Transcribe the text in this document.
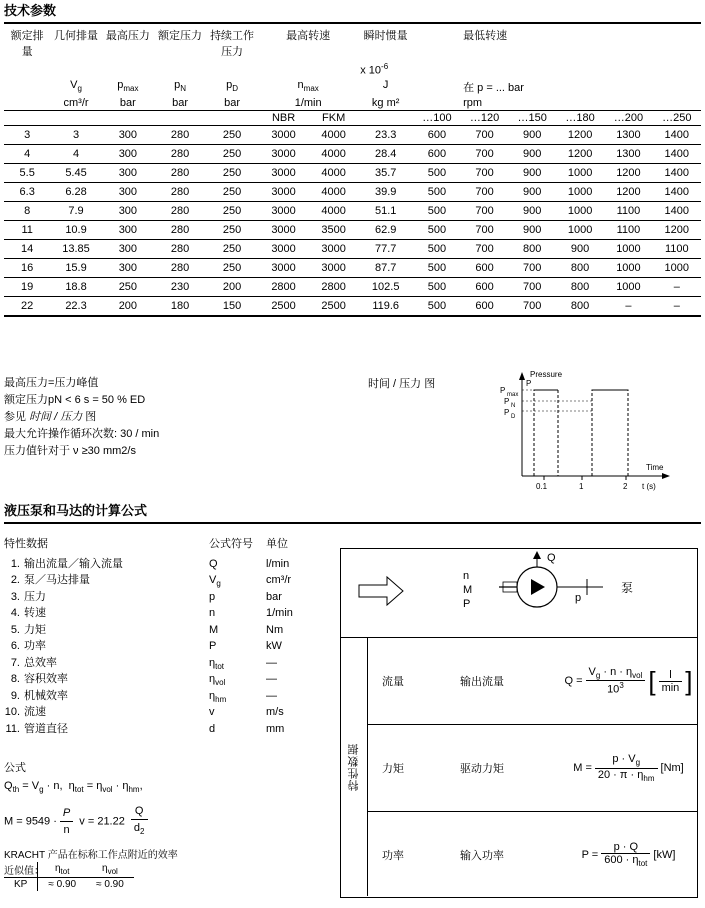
技术参数
额定排量	几何排量	最高压力	额定压力	持续工作压力	最高转速		瞬时惯量	最低转速					
							x $10^{-6}$	
	$V_g$	$p_{max}$	$p_N$	$p_D$	$n_{max}$		J	在 p = ... bar					
	cm³/r	bar	bar	bar	1/min		kg m²	rpm					
					NBR	FKM		…100	…120	…150	…180	…200	…250
3	3	300	280	250	3000	4000	23.3	600	700	900	1200	1300	1400
4	4	300	280	250	3000	4000	28.4	600	700	900	1200	1300	1400
5.5	5.45	300	280	250	3000	4000	35.7	500	700	900	1000	1200	1400
6.3	6.28	300	280	250	3000	4000	39.9	500	700	900	1000	1200	1400
8	7.9	300	280	250	3000	4000	51.1	500	700	900	1000	1100	1400
11	10.9	300	280	250	3000	3500	62.9	500	700	900	1000	1100	1200
14	13.85	300	280	250	3000	3000	77.7	500	700	800	900	1000	1100
16	15.9	300	280	250	3000	3000	87.7	500	600	700	800	1000	1000
19	18.8	250	230	200	2800	2800	102.5	500	600	700	800	1000	–
22	22.3	200	180	150	2500	2500	119.6	500	600	700	800	–	–
最高压力=压力峰值
额定压力pN < 6 s = 50 % ED
参见 时间 / 压力 图
最大允许操作循环次数: 30 / min
压力值针对于 ν ≥30 mm2/s
时间 / 压力 图
Pressure
P
P max
P N
P D
0.1	1	2 t (s)
Time
液压泵和马达的计算公式
特性数据	公式符号 单位
1. 输出流量／输入流量	Q	l/min
2. 泵／马达排量	$V_g$	cm³/r
3. 压力	p	bar
4. 转速	n	1/min
5. 力矩	M	Nm
6. 功率	P	kW
7. 总效率	$\eta_{tot}$	—
8. 容积效率	$\eta_{vol}$	—
9. 机械效率	$\eta_{hm}$	—
10. 流速	v	m/s
11. 管道直径	d	mm
公式
$Q_{th} = V_g \cdot n$,  $\eta_{tot} = \eta_{vol} \cdot \eta_{hm}$,
$M = 9549 \cdot \frac{P}{n}$ $v = 21.22 \frac{Q}{d_2}$
KRACHT 产品在标称工作点附近的效率
近似值：
		$\eta_{tot}$	$\eta_{vol}$
KP	≈ 0.90	≈ 0.90
Q
n
M
P	p
泵
特性数据
流量	输出流量	$Q = \frac{V_g \cdot n \cdot \eta_{vol}}{10^3}$ [ $\frac{l}{\min}$ ]
力矩	驱动力矩	$M = \frac{p \cdot V_g}{20 \cdot \pi \cdot \eta_{hm}} [Nm]$
功率	输入功率	$P = \frac{p \cdot Q}{600 \cdot \eta_{tot}} [kW]$
